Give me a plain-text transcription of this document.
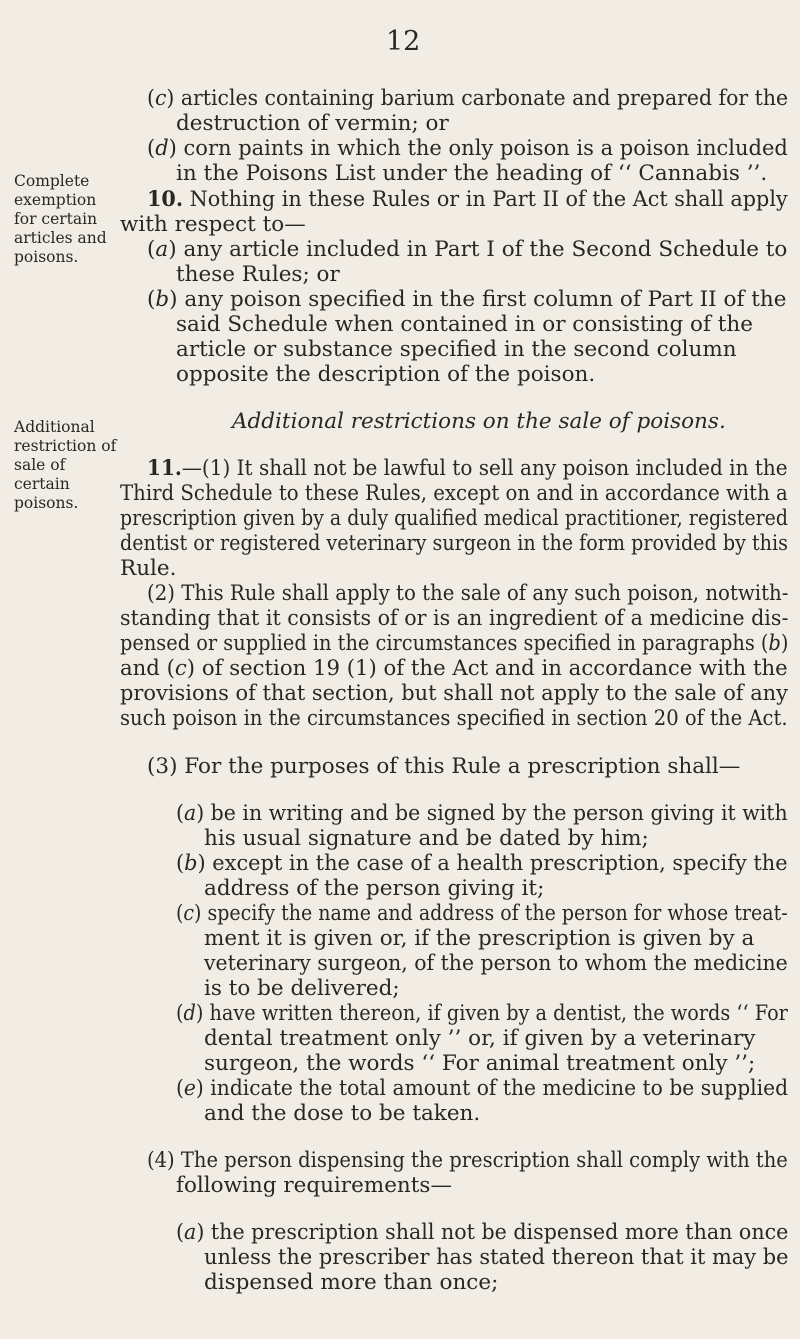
12
Complete
exemption
for certain
articles and
poisons.
Additional
restriction of
sale of
certain
poisons.
(c) articles containing barium carbonate and prepared for the
destruction of vermin; or
(d) corn paints in which the only poison is a poison included
in the Poisons List under the heading of ‘‘ Cannabis ’’.
10. Nothing in these Rules or in Part II of the Act shall apply
with respect to—
(a) any article included in Part I of the Second Schedule to
these Rules; or
(b) any poison specified in the first column of Part II of the
said Schedule when contained in or consisting of the
article or substance specified in the second column
opposite the description of the poison.
Additional restrictions on the sale of poisons.
11.—(1) It shall not be lawful to sell any poison included in the
Third Schedule to these Rules, except on and in accordance with a
prescription given by a duly qualified medical practitioner, registered
dentist or registered veterinary surgeon in the form provided by this
Rule.
(2) This Rule shall apply to the sale of any such poison, notwith-
standing that it consists of or is an ingredient of a medicine dis-
pensed or supplied in the circumstances specified in paragraphs (b)
and (c) of section 19 (1) of the Act and in accordance with the
provisions of that section, but shall not apply to the sale of any
such poison in the circumstances specified in section 20 of the Act.
(3) For the purposes of this Rule a prescription shall—
(a) be in writing and be signed by the person giving it with
his usual signature and be dated by him;
(b) except in the case of a health prescription, specify the
address of the person giving it;
(c) specify the name and address of the person for whose treat-
ment it is given or, if the prescription is given by a
veterinary surgeon, of the person to whom the medicine
is to be delivered;
(d) have written thereon, if given by a dentist, the words ‘‘ For
dental treatment only ’’ or, if given by a veterinary
surgeon, the words ‘‘ For animal treatment only ’’;
(e) indicate the total amount of the medicine to be supplied
and the dose to be taken.
(4) The person dispensing the prescription shall comply with the
following requirements—
(a) the prescription shall not be dispensed more than once
unless the prescriber has stated thereon that it may be
dispensed more than once;
